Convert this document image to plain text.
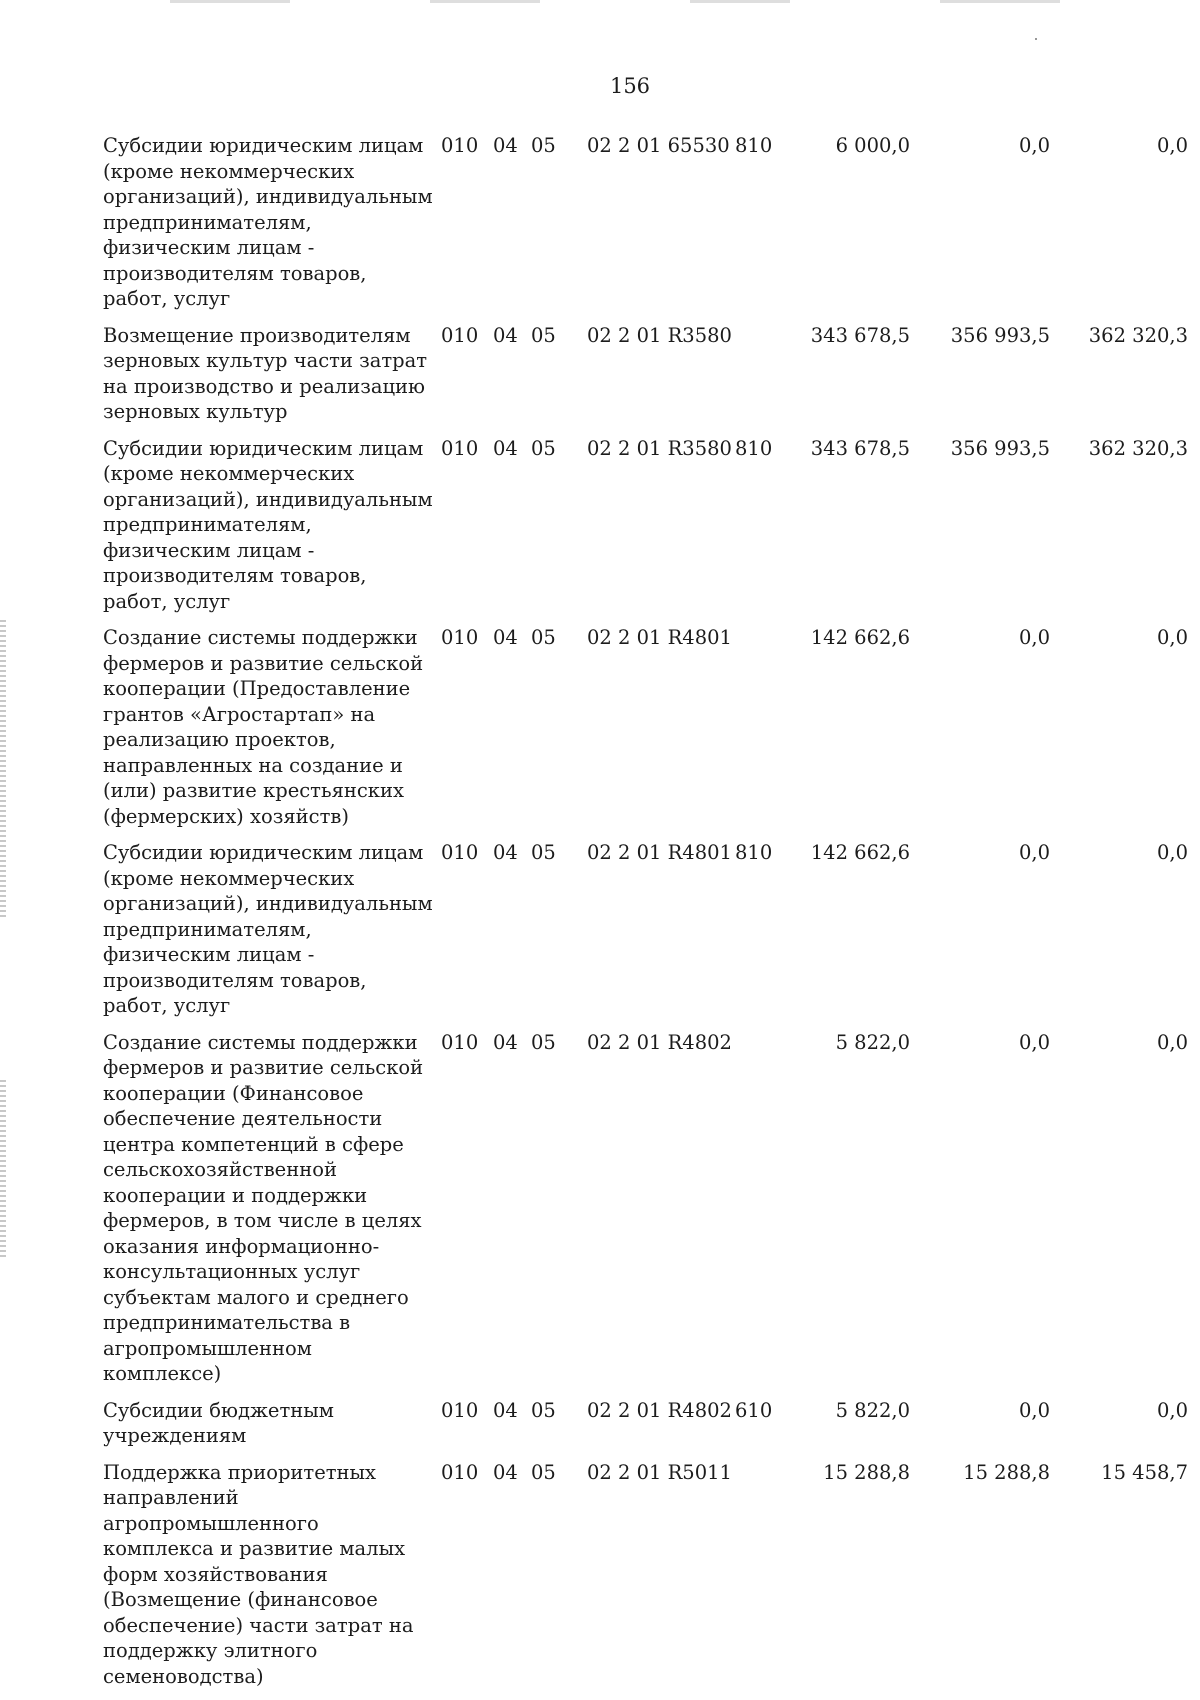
156
Субсидии юридическим лицам (кроме некоммерческих организаций), индивидуальным предпринимателям, физическим лицам - производителям товаров, работ, услуг	010	04	05	02 2 01 65530	810	6 000,0	0,0	0,0
Возмещение производителям зерновых культур части затрат на производство и реализацию зерновых культур	010	04	05	02 2 01 R3580		343 678,5	356 993,5	362 320,3
Субсидии юридическим лицам (кроме некоммерческих организаций), индивидуальным предпринимателям, физическим лицам - производителям товаров, работ, услуг	010	04	05	02 2 01 R3580	810	343 678,5	356 993,5	362 320,3
Создание системы поддержки фермеров и развитие сельской кооперации (Предоставление грантов «Агростартап» на реализацию проектов, направленных на создание и (или) развитие крестьянских (фермерских) хозяйств)	010	04	05	02 2 01 R4801		142 662,6	0,0	0,0
Субсидии юридическим лицам (кроме некоммерческих организаций), индивидуальным предпринимателям, физическим лицам - производителям товаров, работ, услуг	010	04	05	02 2 01 R4801	810	142 662,6	0,0	0,0
Создание системы поддержки фермеров и развитие сельской кооперации (Финансовое обеспечение деятельности центра компетенций в сфере сельскохозяйственной кооперации и поддержки фермеров, в том числе в целях оказания информационно-консультационных услуг субъектам малого и среднего предпринимательства в агропромышленном комплексе)	010	04	05	02 2 01 R4802		5 822,0	0,0	0,0
Субсидии бюджетным учреждениям	010	04	05	02 2 01 R4802	610	5 822,0	0,0	0,0
Поддержка приоритетных направлений агропромышленного комплекса и развитие малых форм хозяйствования (Возмещение (финансовое обеспечение) части затрат на поддержку элитного семеноводства)	010	04	05	02 2 01 R5011		15 288,8	15 288,8	15 458,7
